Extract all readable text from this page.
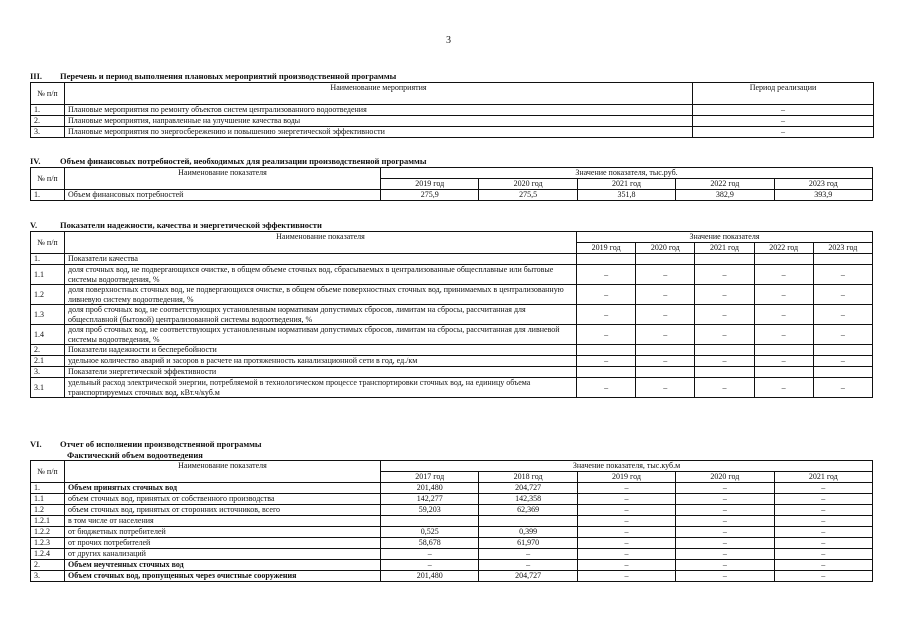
3
III. Перечень и период выполнения плановых мероприятий производственной программы
№ п/п	Наименование мероприятия	Период реализации
1.	Плановые мероприятия по ремонту объектов систем централизованного водоотведения	–
2.	Плановые мероприятия, направленные на улучшение качества воды	–
3.	Плановые мероприятия по энергосбережению и повышению энергетической эффективности	–
IV. Объем финансовых потребностей, необходимых для реализации производственной программы
№ п/п	Наименование показателя	Значение показателя, тыс.руб.				
		2019 год	2020 год	2021 год	2022 год	2023 год
1.	Объем финансовых потребностей	275,9	275,5	351,8	382,9	393,9
V.	Показатели надежности, качества и энергетической эффективности
№ п/п	Наименование показателя	Значение показателя				
		2019 год	2020 год	2021 год	2022 год	2023 год
1.	Показатели качества					
1.1	доля сточных вод, не подвергающихся очистке, в общем объеме сточных вод, сбрасываемых в централизованные общесплавные или бытовые системы водоотведения, %	–	–	–	–	–
1.2	доля поверхностных сточных вод, не подвергающихся очистке, в общем объеме поверхностных сточных вод, принимаемых в централизованную ливневую систему водоотведения, %	–	–	–	–	–
1.3	доля проб сточных вод, не соответствующих установленным нормативам допустимых сбросов, лимитам на сбросы, рассчитанная для общесплавной (бытовой) централизованной системы водоотведения, %	–	–	–	–	–
1.4	доля проб сточных вод, не соответствующих установленным нормативам допустимых сбросов, лимитам на сбросы, рассчитанная для ливневой системы водоотведения, %	–	–	–	–	–
2.	Показатели надежности и бесперебойности					
2.1	удельное количество аварий и засоров в расчете на протяженность канализационной сети в год, ед./км	–	–	–	–	–
3.	Показатели энергетической эффективности					
3.1	удельный расход электрической энергии, потребляемой в технологическом процессе транспортировки сточных вод, на единицу объема транспортируемых сточных вод, кВт.ч/куб.м	–	–	–	–	–
VI. Отчет об исполнении производственной программы
Фактический объем водоотведения
№ п/п	Наименование показателя	Значение показателя, тыс.куб.м				
		2017 год	2018 год	2019 год	2020 год	2021 год
1.	Объем принятых сточных вод	201,480	204,727	–	–	–
1.1	объем сточных вод, принятых от собственного производства	142,277	142,358	–	–	–
1.2	объем сточных вод, принятых от сторонних источников, всего	59,203	62,369	–	–	–
1.2.1	в том числе от населения			–	–	–
1.2.2	от бюджетных потребителей	0,525	0,399	–	–	–
1.2.3	от прочих потребителей	58,678	61,970	–	–	–
1.2.4	от других канализаций	–	–	–	–	–
2.	Объем неучтенных сточных вод	–	–	–	–	–
3.	Объем сточных вод, пропущенных через очистные сооружения	201,480	204,727	–	–	–
